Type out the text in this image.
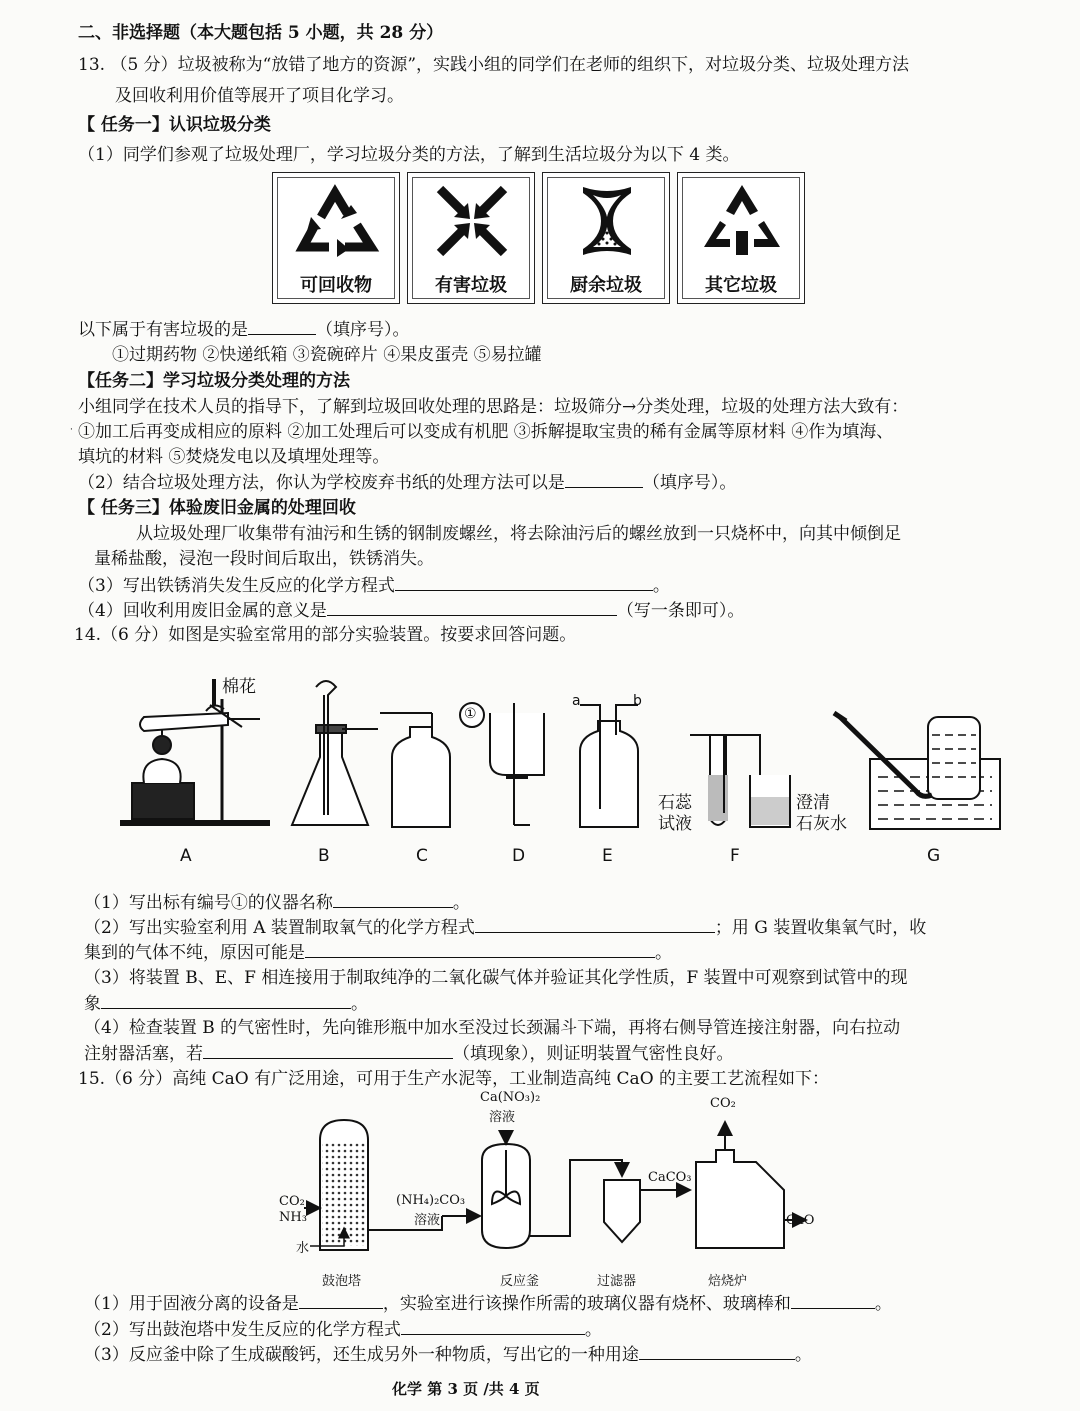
二、非选择题（本大题包括 5 小题，共 28 分）
13. （5 分）垃圾被称为“放错了地方的资源”，实践小组的同学们在老师的组织下，对垃圾分类、垃圾处理方法
及回收利用价值等展开了项目化学习。
【 任务一】认识垃圾分类
（1）同学们参观了垃圾处理厂，学习垃圾分类的方法，了解到生活垃圾分为以下 4 类。
可回收物	有害垃圾	厨余垃圾	其它垃圾
以下属于有害垃圾的是	（填序号）。
①过期药物 ②快递纸箱 ③瓷碗碎片 ④果皮蛋壳 ⑤易拉罐
【任务二】学习垃圾分类处理的方法
小组同学在技术人员的指导下，了解到垃圾回收处理的思路是：垃圾筛分→分类处理，垃圾的处理方法大致有：
· ①加工后再变成相应的原料 ②加工处理后可以变成有机肥 ③拆解提取宝贵的稀有金属等原材料 ④作为填海、
填坑的材料 ⑤焚烧发电以及填埋处理等。
（2）结合垃圾处理方法，你认为学校废弃书纸的处理方法可以是	（填序号）。
【 任务三】体验废旧金属的处理回收
从垃圾处理厂收集带有油污和生锈的钢制废螺丝，将去除油污后的螺丝放到一只烧杯中，向其中倾倒足
量稀盐酸，浸泡一段时间后取出，铁锈消失。
（3）写出铁锈消失发生反应的化学方程式	。
（4）回收利用废旧金属的意义是	（写一条即可）。
14.（6 分）如图是实验室常用的部分实验装置。按要求回答问题。
棉花
①
a	b
石蕊
试液
澄清
石灰水
A	B	C	D	E	F	G
（1）写出标有编号①的仪器名称	。
（2）写出实验室利用 A 装置制取氧气的化学方程式	；用 G 装置收集氧气时，收
集到的气体不纯，原因可能是	。
（3）将装置 B、E、F 相连接用于制取纯净的二氧化碳气体并验证其化学性质，F 装置中可观察到试管中的现
象	。
（4）检查装置 B 的气密性时，先向锥形瓶中加水至没过长颈漏斗下端，再将右侧导管连接注射器，向右拉动
注射器活塞，若	（填现象），则证明装置气密性良好。
15.（6 分）高纯 CaO 有广泛用途，可用于生产水泥等，工业制造高纯 CaO 的主要工艺流程如下：
CO₂
NH₃
水
(NH₄)₂CO₃
溶液
Ca(NO₃)₂
溶液
CaCO₃
CO₂
CaO
鼓泡塔	反应釜	过滤器	焙烧炉
（1）用于固液分离的设备是	，实验室进行该操作所需的玻璃仪器有烧杯、玻璃棒和	。
（2）写出鼓泡塔中发生反应的化学方程式	。
（3）反应釜中除了生成碳酸钙，还生成另外一种物质，写出它的一种用途	。
化学 第 3 页 /共 4 页
